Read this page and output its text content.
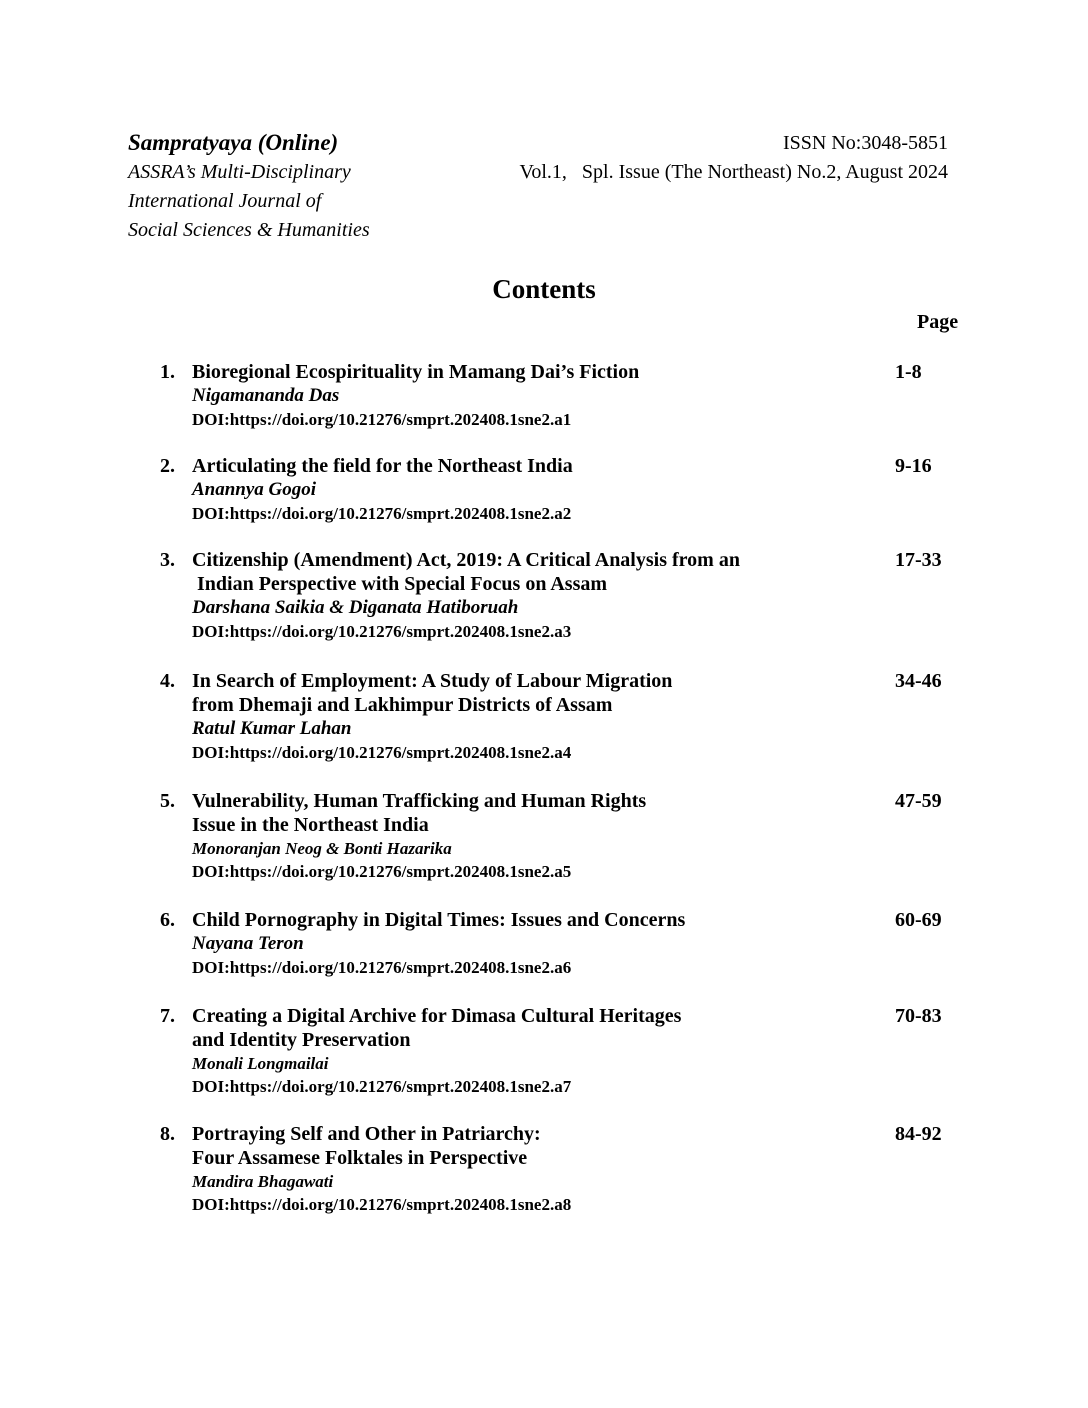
Sampratyaya (Online)

ASSRA’s Multi-Disciplinary

International Journal of

Social Sciences & Humanities

ISSN No:3048-5851

Vol.1,   Spl. Issue (The Northeast) No.2, August 2024

Contents

Page

1. Bioregional Ecospirituality in Mamang Dai’s Fiction

Nigamananda Das

DOI:https://doi.org/10.21276/smprt.202408.1sne2.a1

1-8
2. Articulating the field for the Northeast India

Anannya Gogoi

DOI:https://doi.org/10.21276/smprt.202408.1sne2.a2

9-16
3. Citizenship (Amendment) Act, 2019: A Critical Analysis from an

Indian Perspective with Special Focus on Assam

Darshana Saikia & Diganata Hatiboruah

DOI:https://doi.org/10.21276/smprt.202408.1sne2.a3

17-33
4. In Search of Employment: A Study of Labour Migration

from Dhemaji and Lakhimpur Districts of Assam

Ratul Kumar Lahan

DOI:https://doi.org/10.21276/smprt.202408.1sne2.a4

34-46
5. Vulnerability, Human Trafficking and Human Rights

Issue in the Northeast India

Monoranjan Neog & Bonti Hazarika

DOI:https://doi.org/10.21276/smprt.202408.1sne2.a5

47-59
6. Child Pornography in Digital Times: Issues and Concerns

Nayana Teron

DOI:https://doi.org/10.21276/smprt.202408.1sne2.a6

60-69
7. Creating a Digital Archive for Dimasa Cultural Heritages

and Identity Preservation

Monali Longmailai

DOI:https://doi.org/10.21276/smprt.202408.1sne2.a7

70-83
8. Portraying Self and Other in Patriarchy:

Four Assamese Folktales in Perspective

Mandira Bhagawati

DOI:https://doi.org/10.21276/smprt.202408.1sne2.a8

84-92
